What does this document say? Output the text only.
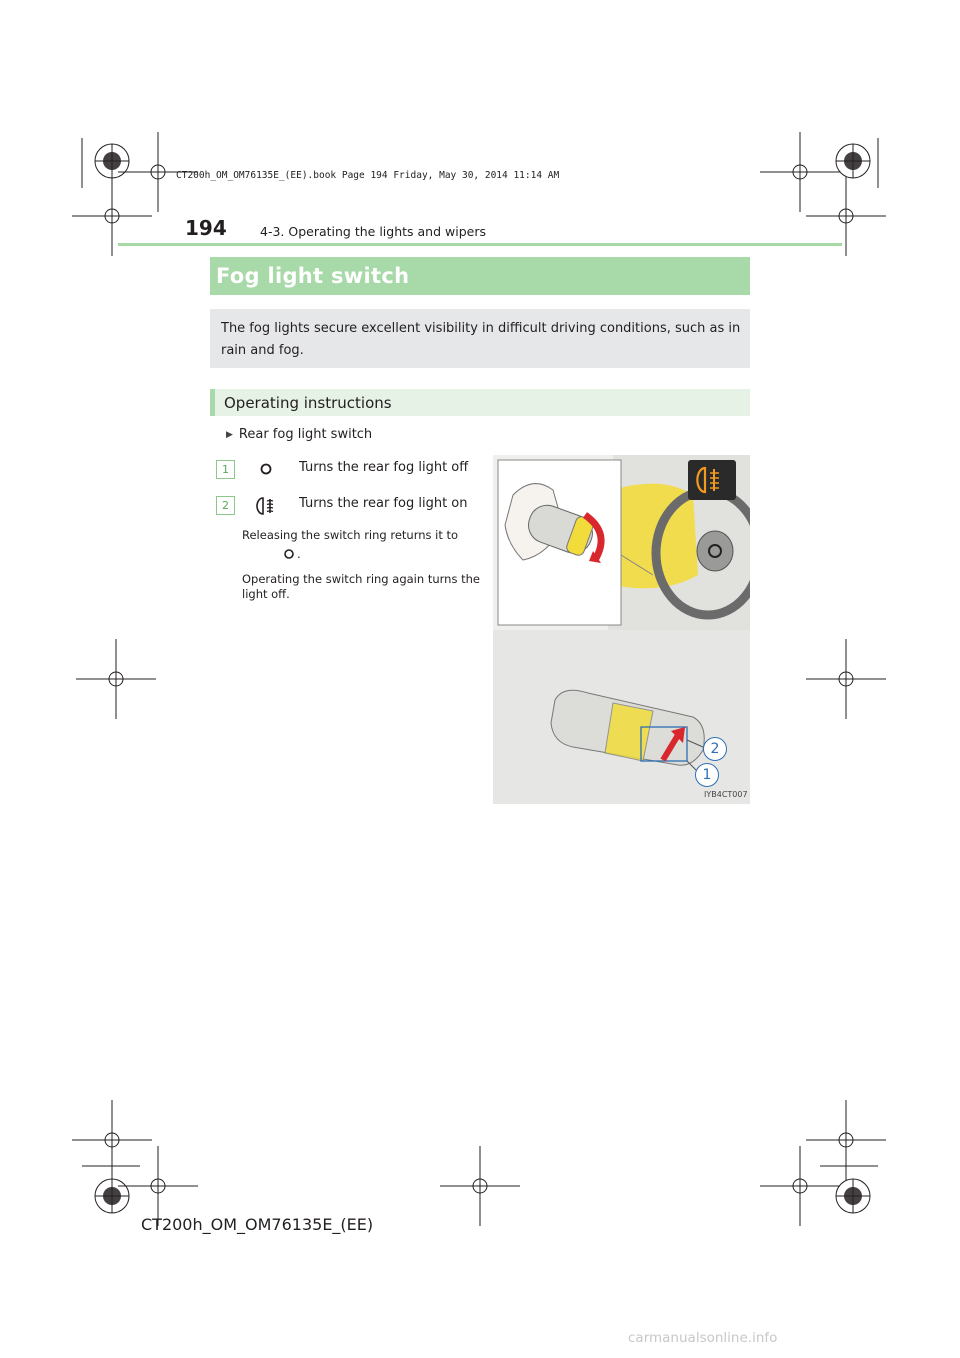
CT200h_OM_OM76135E_(EE).book Page 194 Friday, May 30, 2014 11:14 AM
194	4-3. Operating the lights and wipers
Fog light switch
The fog lights secure excellent visibility in difficult driving conditions, such as in rain and fog.
Operating instructions
▶ Rear fog light switch
1	Turns the rear fog light off
2	Turns the rear fog light on
Releasing the switch ring returns it to
.
Operating the switch ring again turns the light off.
2
1
IYB4CT007
CT200h_OM_OM76135E_(EE)
carmanualsonline.info
